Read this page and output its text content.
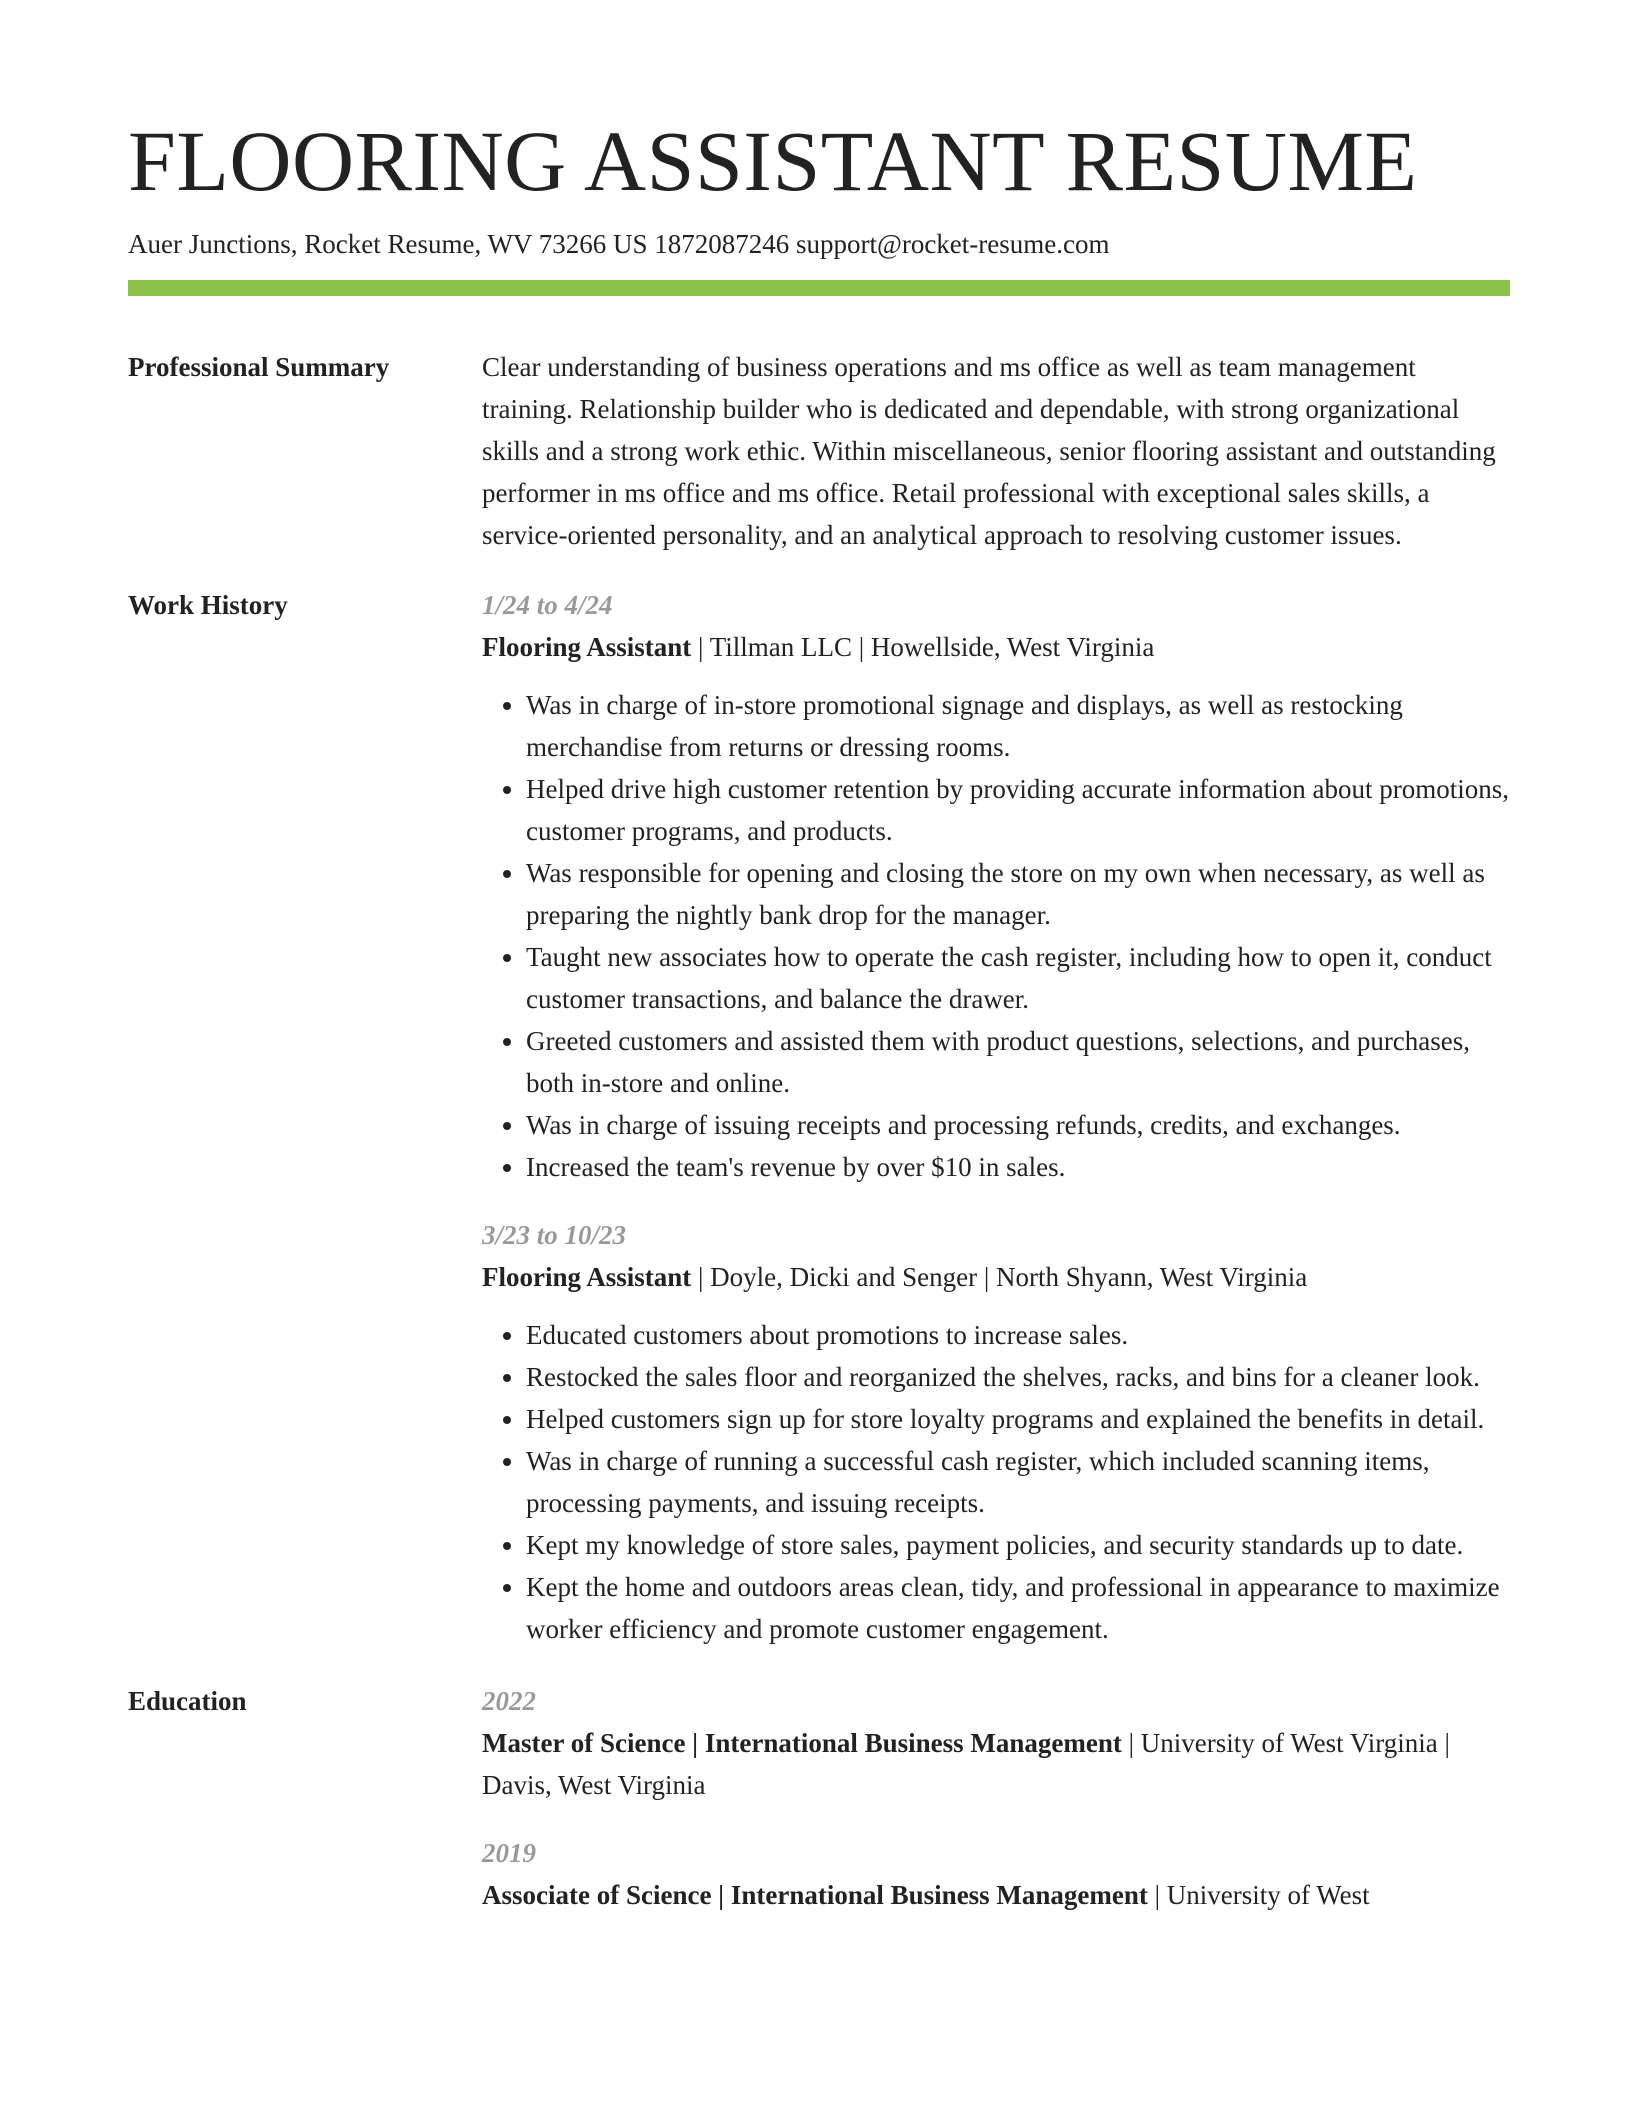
FLOORING ASSISTANT RESUME
Auer Junctions, Rocket Resume, WV 73266 US 1872087246 support@rocket-resume.com
Professional Summary	Clear understanding of business operations and ms office as well as team management training. Relationship builder who is dedicated and dependable, with strong organizational skills and a strong work ethic. Within miscellaneous, senior flooring assistant and outstanding performer in ms office and ms office. Retail professional with exceptional sales skills, a service-oriented personality, and an analytical approach to resolving customer issues.

Work History	1/24 to 4/24
Flooring Assistant | Tillman LLC | Howellside, West Virginia
• Was in charge of in-store promotional signage and displays, as well as restocking merchandise from returns or dressing rooms.
• Helped drive high customer retention by providing accurate information about promotions, customer programs, and products.
• Was responsible for opening and closing the store on my own when necessary, as well as preparing the nightly bank drop for the manager.
• Taught new associates how to operate the cash register, including how to open it, conduct customer transactions, and balance the drawer.
• Greeted customers and assisted them with product questions, selections, and purchases, both in-store and online.
• Was in charge of issuing receipts and processing refunds, credits, and exchanges.
• Increased the team's revenue by over $10 in sales.
3/23 to 10/23
Flooring Assistant | Doyle, Dicki and Senger | North Shyann, West Virginia
• Educated customers about promotions to increase sales.
• Restocked the sales floor and reorganized the shelves, racks, and bins for a cleaner look.
• Helped customers sign up for store loyalty programs and explained the benefits in detail.
• Was in charge of running a successful cash register, which included scanning items, processing payments, and issuing receipts.
• Kept my knowledge of store sales, payment policies, and security standards up to date.
• Kept the home and outdoors areas clean, tidy, and professional in appearance to maximize worker efficiency and promote customer engagement.
Education	2022

Master of Science | International Business Management | University of West Virginia | Davis, West Virginia

2019

Associate of Science | International Business Management | University of West
